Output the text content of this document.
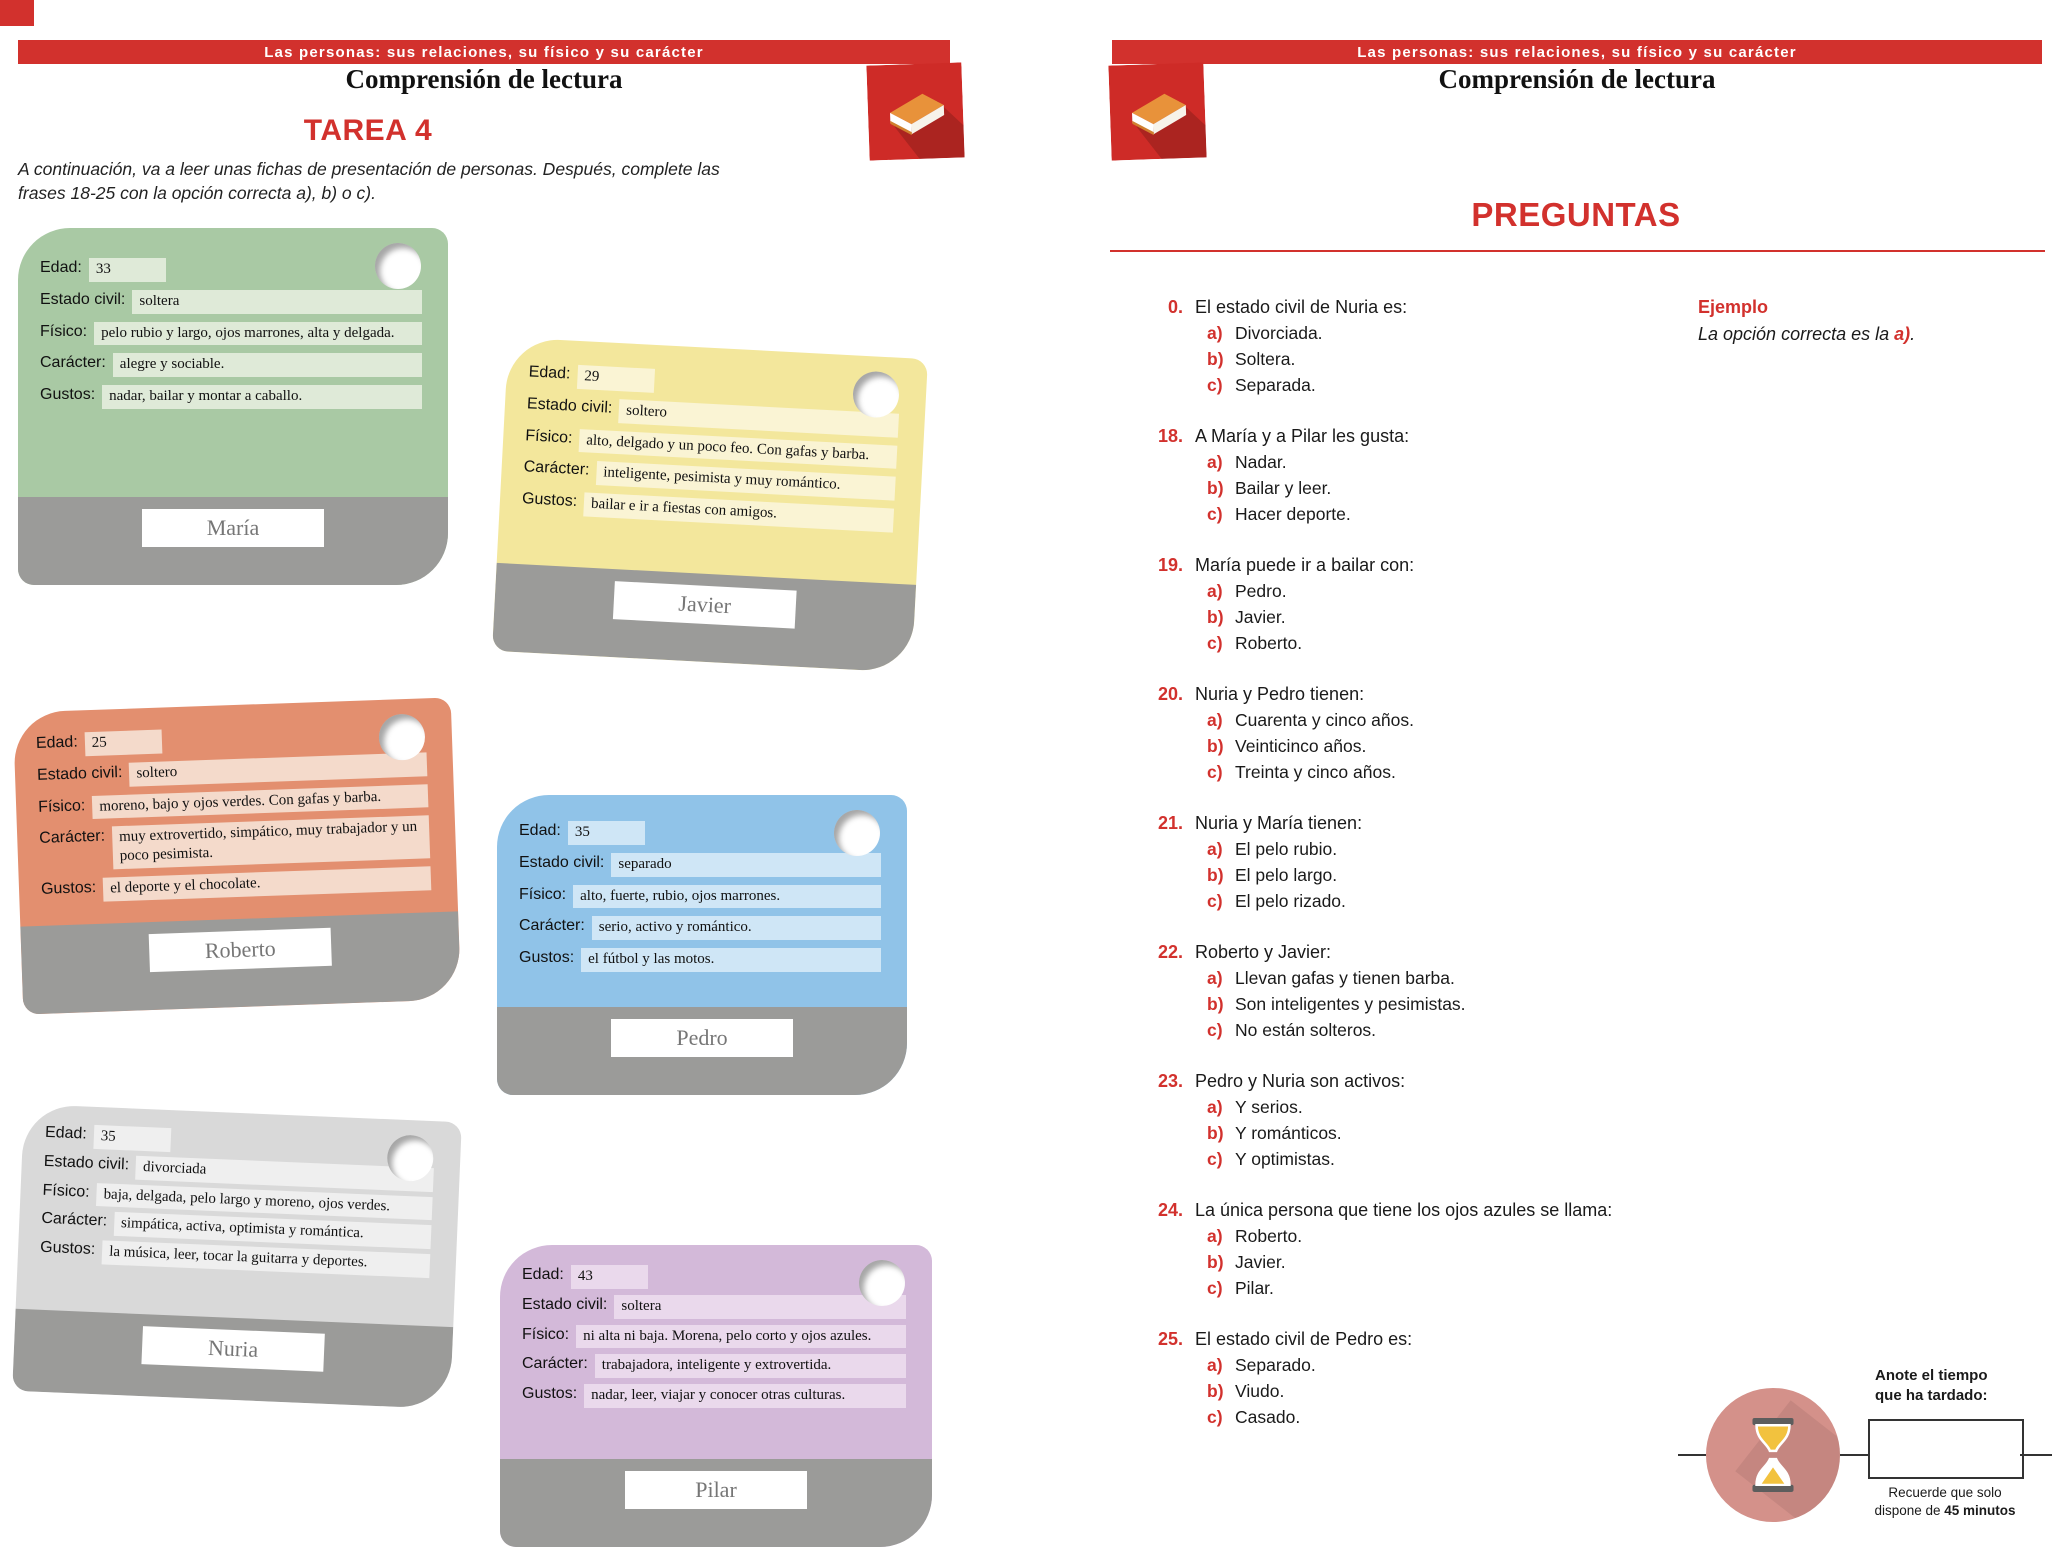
Las personas: sus relaciones, su físico y su carácter
Comprensión de lectura
TAREA 4
A continuación, va a leer unas fichas de presentación de personas. Después, complete las frases 18-25 con la opción correcta a), b) o c).
Edad: 33
Estado civil: soltera
Físico: pelo rubio y largo, ojos marrones, alta y delgada.
Carácter: alegre y sociable.
Gustos: nadar, bailar y montar a caballo.
María
Edad: 29
Estado civil: soltero
Físico: alto, delgado y un poco feo. Con gafas y barba.
Carácter: inteligente, pesimista y muy romántico.
Gustos: bailar e ir a fiestas con amigos.
Javier
Edad: 25
Estado civil: soltero
Físico: moreno, bajo y ojos verdes. Con gafas y barba.
Carácter: muy extrovertido, simpático, muy trabajador y un poco pesimista.
Gustos: el deporte y el chocolate.
Roberto
Edad: 35
Estado civil: separado
Físico: alto, fuerte, rubio, ojos marrones.
Carácter: serio, activo y romántico.
Gustos: el fútbol y las motos.
Pedro
Edad: 35
Estado civil: divorciada
Físico: baja, delgada, pelo largo y moreno, ojos verdes.
Carácter: simpática, activa, optimista y romántica.
Gustos: la música, leer, tocar la guitarra y deportes.
Nuria
Edad: 43
Estado civil: soltera
Físico: ni alta ni baja. Morena, pelo corto y ojos azules.
Carácter: trabajadora, inteligente y extrovertida.
Gustos: nadar, leer, viajar y conocer otras culturas.
Pilar
Las personas: sus relaciones, su físico y su carácter
Comprensión de lectura
PREGUNTAS
0. El estado civil de Nuria es:
a) Divorciada.
b) Soltera.
c) Separada.
18. A María y a Pilar les gusta:
a) Nadar.
b) Bailar y leer.
c) Hacer deporte.
19. María puede ir a bailar con:
a) Pedro.
b) Javier.
c) Roberto.
20. Nuria y Pedro tienen:
a) Cuarenta y cinco años.
b) Veinticinco años.
c) Treinta y cinco años.
21. Nuria y María tienen:
a) El pelo rubio.
b) El pelo largo.
c) El pelo rizado.
22. Roberto y Javier:
a) Llevan gafas y tienen barba.
b) Son inteligentes y pesimistas.
c) No están solteros.
23. Pedro y Nuria son activos:
a) Y serios.
b) Y románticos.
c) Y optimistas.
24. La única persona que tiene los ojos azules se llama:
a) Roberto.
b) Javier.
c) Pilar.
25. El estado civil de Pedro es:
a) Separado.
b) Viudo.
c) Casado.
Ejemplo
La opción correcta es la a).
Anote el tiempo
que ha tardado:
Recuerde que solo
dispone de 45 minutos
